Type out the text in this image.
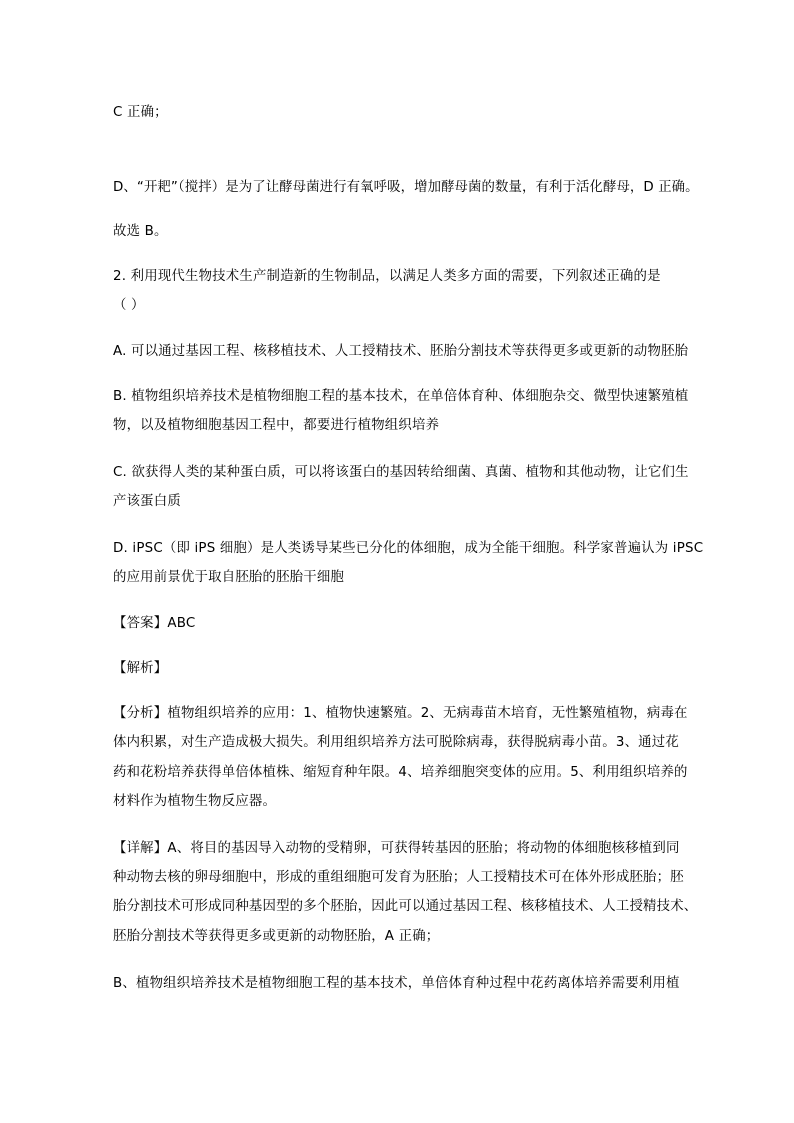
C 正确；
D、“开耙”（搅拌）是为了让酵母菌进行有氧呼吸，增加酵母菌的数量，有利于活化酵母，D 正确。
故选 B。
2. 利用现代生物技术生产制造新的生物制品，以满足人类多方面的需要，下列叙述正确的是
（ ）
A. 可以通过基因工程、核移植技术、人工授精技术、胚胎分割技术等获得更多或更新的动物胚胎
B. 植物组织培养技术是植物细胞工程的基本技术，在单倍体育种、体细胞杂交、微型快速繁殖植
物，以及植物细胞基因工程中，都要进行植物组织培养
C. 欲获得人类的某种蛋白质，可以将该蛋白的基因转给细菌、真菌、植物和其他动物，让它们生
产该蛋白质
D. iPSC（即 iPS 细胞）是人类诱导某些已分化的体细胞，成为全能干细胞。科学家普遍认为 iPSC
的应用前景优于取自胚胎的胚胎干细胞
【答案】ABC
【解析】
【分析】植物组织培养的应用：1、植物快速繁殖。2、无病毒苗木培育，无性繁殖植物，病毒在
体内积累，对生产造成极大损失。利用组织培养方法可脱除病毒，获得脱病毒小苗。3、通过花
药和花粉培养获得单倍体植株、缩短育种年限。4、培养细胞突变体的应用。5、利用组织培养的
材料作为植物生物反应器。
【详解】A、将目的基因导入动物的受精卵，可获得转基因的胚胎；将动物的体细胞核移植到同
种动物去核的卵母细胞中，形成的重组细胞可发育为胚胎；人工授精技术可在体外形成胚胎；胚
胎分割技术可形成同种基因型的多个胚胎，因此可以通过基因工程、核移植技术、人工授精技术、
胚胎分割技术等获得更多或更新的动物胚胎，A 正确；
B、植物组织培养技术是植物细胞工程的基本技术，单倍体育种过程中花药离体培养需要利用植
